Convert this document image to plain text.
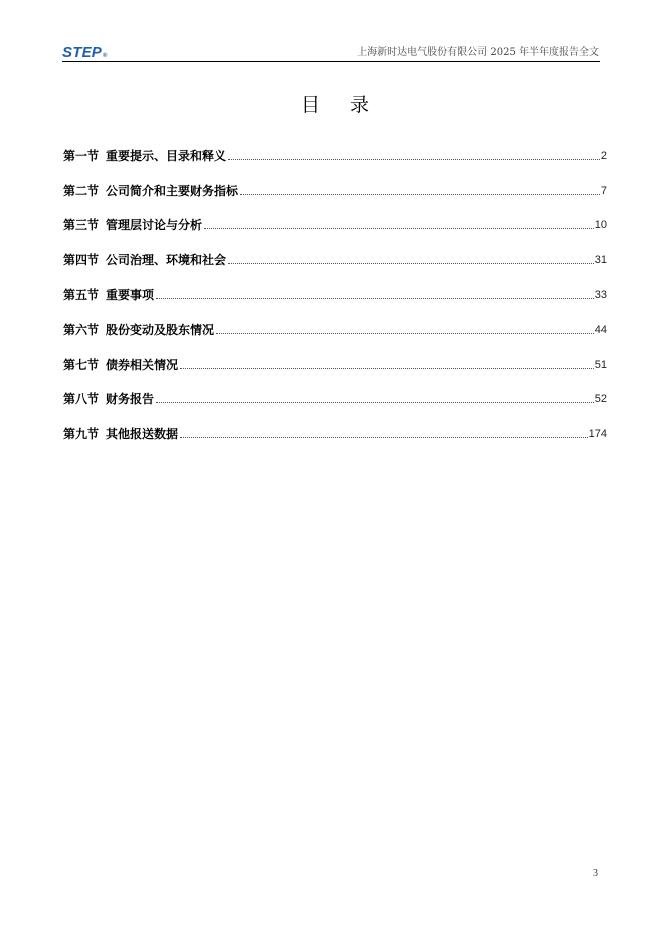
STEP®	上海新时达电气股份有限公司 2025 年半年度报告全文
目 录
第一节 重要提示、目录和释义	2
第二节 公司简介和主要财务指标	7
第三节 管理层讨论与分析	10
第四节 公司治理、环境和社会	31
第五节 重要事项	33
第六节 股份变动及股东情况	44
第七节 债券相关情况	51
第八节 财务报告	52
第九节 其他报送数据	174
3
